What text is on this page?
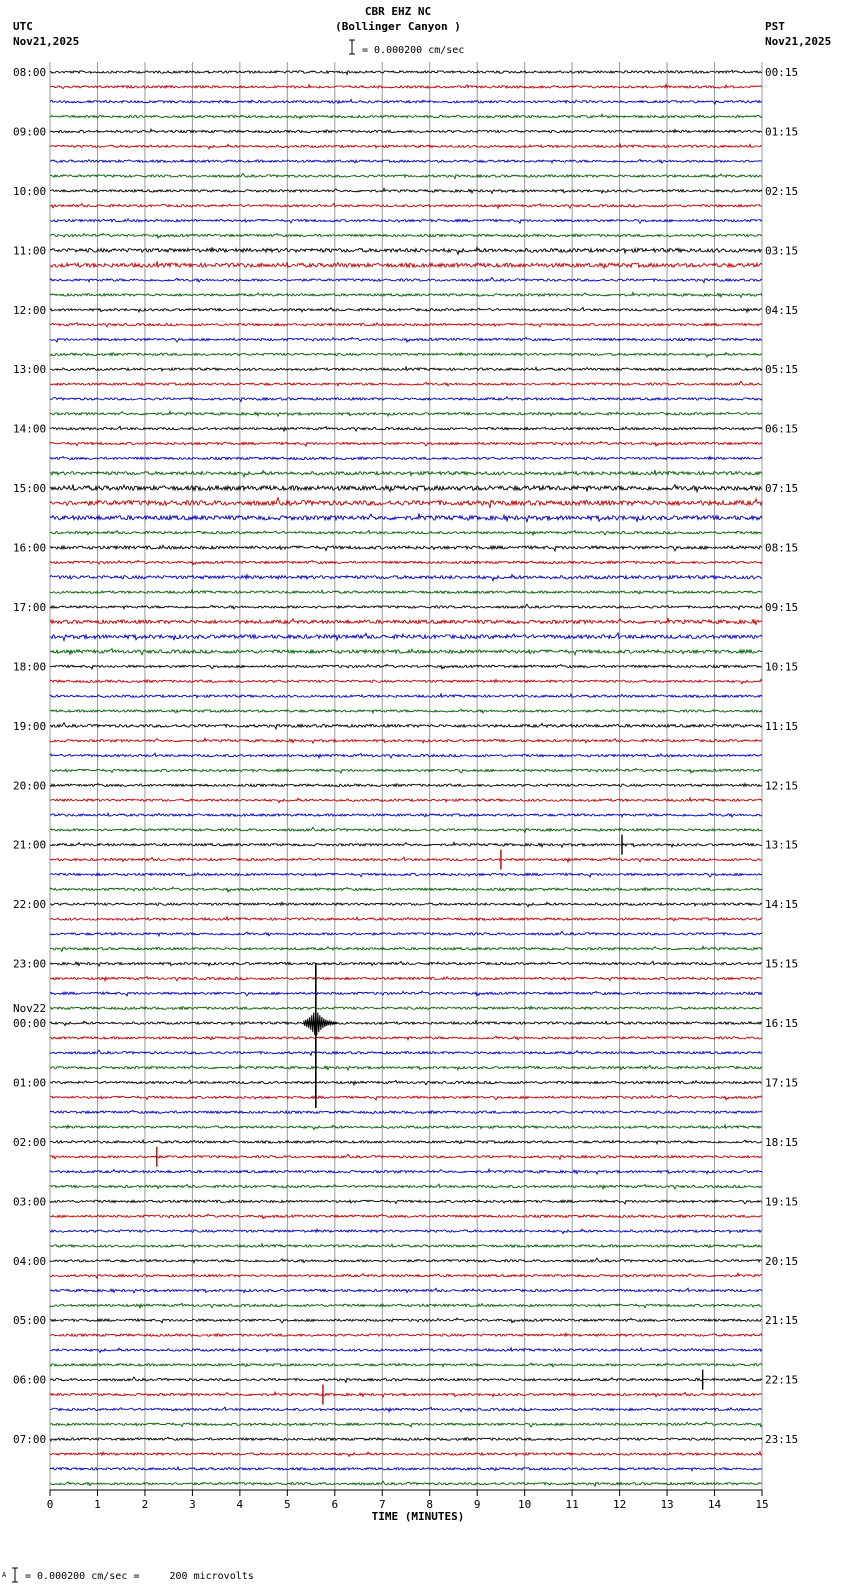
CBR EHZ NC
(Bollinger Canyon )
= 0.000200 cm/sec
UTC
Nov21,2025
PST
Nov21,2025
08:00
09:00
10:00
11:00
12:00
13:00
14:00
15:00
16:00
17:00
18:00
19:00
20:00
21:00
22:00
23:00
Nov22
00:00
01:00
02:00
03:00
04:00
05:00
06:00
07:00
00:15
01:15
02:15
03:15
04:15
05:15
06:15
07:15
08:15
09:15
10:15
11:15
12:15
13:15
14:15
15:15
16:15
17:15
18:15
19:15
20:15
21:15
22:15
23:15
0	1	2	3	4	5	6	7	8	9	10	11	12	13	14	15
TIME (MINUTES)
A = 0.000200 cm/sec =     200 microvolts
